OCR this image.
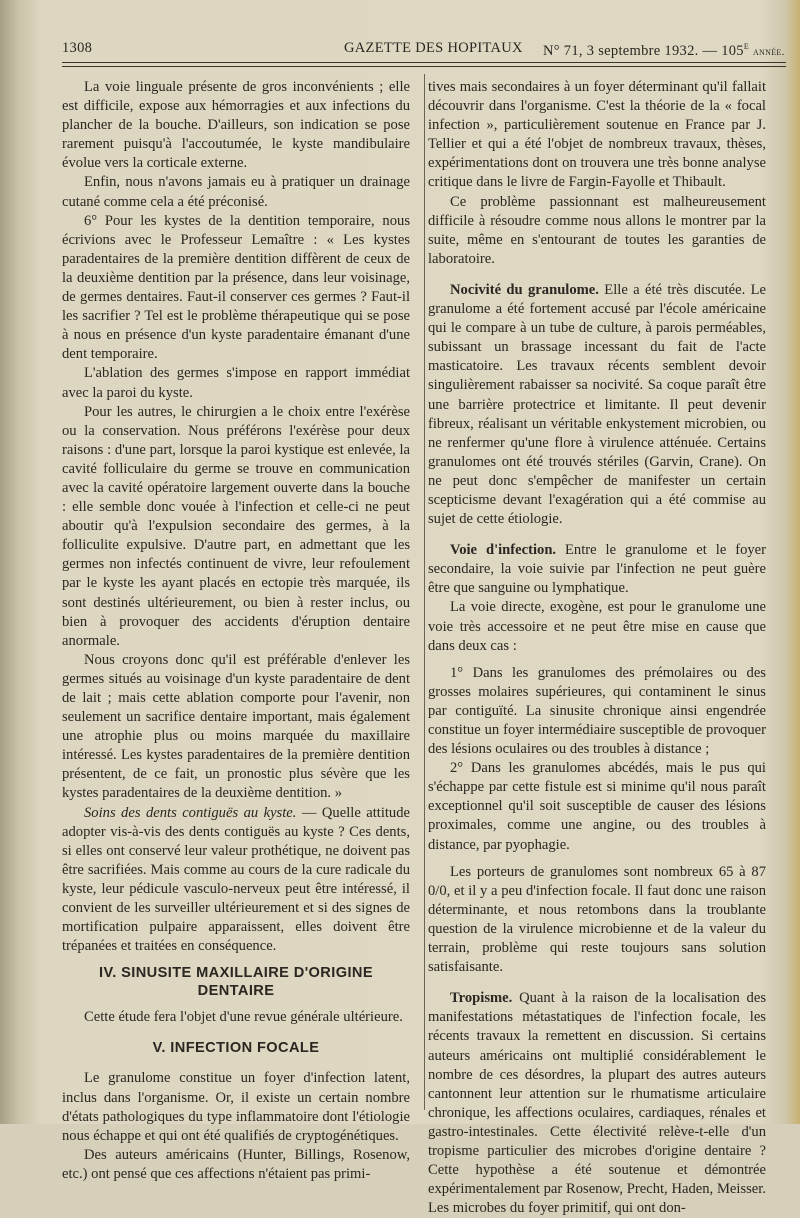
1308	GAZETTE DES HOPITAUX N° 71, 3 septembre 1932. — 105e année.

La voie linguale présente de gros inconvénients ; elle est difficile, expose aux hémorragies et aux infections du plancher de la bouche. D'ailleurs, son indication se pose rarement puisqu'à l'accoutumée, le kyste mandibulaire évolue vers la corticale externe.

Enfin, nous n'avons jamais eu à pratiquer un drainage cutané comme cela a été préconisé.

6° Pour les kystes de la dentition temporaire, nous écrivions avec le Professeur Lemaître : « Les kystes paradentaires de la première dentition diffèrent de ceux de la deuxième dentition par la présence, dans leur voisinage, de germes dentaires. Faut-il conserver ces germes ? Faut-il les sacrifier ? Tel est le problème thérapeutique qui se pose à nous en présence d'un kyste paradentaire émanant d'une dent temporaire.

L'ablation des germes s'impose en rapport immédiat avec la paroi du kyste.

Pour les autres, le chirurgien a le choix entre l'exérèse ou la conservation. Nous préférons l'exérèse pour deux raisons : d'une part, lorsque la paroi kystique est enlevée, la cavité folliculaire du germe se trouve en communication avec la cavité opératoire largement ouverte dans la bouche : elle semble donc vouée à l'infection et celle-ci ne peut aboutir qu'à l'expulsion secondaire des germes, à la folliculite expulsive. D'autre part, en admettant que les germes non infectés continuent de vivre, leur refoulement par le kyste les ayant placés en ectopie très marquée, ils sont destinés ultérieurement, ou bien à rester inclus, ou bien à provoquer des accidents d'éruption dentaire anormale.

Nous croyons donc qu'il est préférable d'enlever les germes situés au voisinage d'un kyste paradentaire de dent de lait ; mais cette ablation comporte pour l'avenir, non seulement un sacrifice dentaire important, mais également une atrophie plus ou moins marquée du maxillaire intéressé. Les kystes paradentaires de la première dentition présentent, de ce fait, un pronostic plus sévère que les kystes paradentaires de la deuxième dentition. »

Soins des dents contiguës au kyste. — Quelle attitude adopter vis-à-vis des dents contiguës au kyste ? Ces dents, si elles ont conservé leur valeur prothétique, ne doivent pas être sacrifiées. Mais comme au cours de la cure radicale du kyste, leur pédicule vasculo-nerveux peut être intéressé, il convient de les surveiller ultérieurement et si des signes de mortification pulpaire apparaissent, elles doivent être trépanées et traitées en conséquence.

IV. SINUSITE MAXILLAIRE D'ORIGINE
DENTAIRE

Cette étude fera l'objet d'une revue générale ultérieure.

V. INFECTION FOCALE

Le granulome constitue un foyer d'infection latent, inclus dans l'organisme. Or, il existe un certain nombre d'états pathologiques du type inflammatoire dont l'étiologie nous échappe et qui ont été qualifiés de cryptogénétiques.

Des auteurs américains (Hunter, Billings, Rosenow, etc.) ont pensé que ces affections n'étaient pas primi-

tives mais secondaires à un foyer déterminant qu'il fallait découvrir dans l'organisme. C'est la théorie de la « focal infection », particulièrement soutenue en France par J. Tellier et qui a été l'objet de nombreux travaux, thèses, expérimentations dont on trouvera une très bonne analyse critique dans le livre de Fargin-Fayolle et Thibault.

Ce problème passionnant est malheureusement difficile à résoudre comme nous allons le montrer par la suite, même en s'entourant de toutes les garanties de laboratoire.

Nocivité du granulome. Elle a été très discutée. Le granulome a été fortement accusé par l'école américaine qui le compare à un tube de culture, à parois perméables, subissant un brassage incessant du fait de l'acte masticatoire. Les travaux récents semblent devoir singulièrement rabaisser sa nocivité. Sa coque paraît être une barrière protectrice et limitante. Il peut devenir fibreux, réalisant un véritable enkystement microbien, ou ne renfermer qu'une flore à virulence atténuée. Certains granulomes ont été trouvés stériles (Garvin, Crane). On ne peut donc s'empêcher de manifester un certain scepticisme devant l'exagération qui a été commise au sujet de cette étiologie.

Voie d'infection. Entre le granulome et le foyer secondaire, la voie suivie par l'infection ne peut guère être que sanguine ou lymphatique.

La voie directe, exogène, est pour le granulome une voie très accessoire et ne peut être mise en cause que dans deux cas :

1° Dans les granulomes des prémolaires ou des grosses molaires supérieures, qui contaminent le sinus par contiguïté. La sinusite chronique ainsi engendrée constitue un foyer intermédiaire susceptible de provoquer des lésions oculaires ou des troubles à distance ;

2° Dans les granulomes abcédés, mais le pus qui s'échappe par cette fistule est si minime qu'il nous paraît exceptionnel qu'il soit susceptible de causer des lésions proximales, comme une angine, ou des troubles à distance, par pyophagie.

Les porteurs de granulomes sont nombreux 65 à 87 0/0, et il y a peu d'infection focale. Il faut donc une raison déterminante, et nous retombons dans la troublante question de la virulence microbienne et de la valeur du terrain, problème qui reste toujours sans solution satisfaisante.

Tropisme. Quant à la raison de la localisation des manifestations métastatiques de l'infection focale, les récents travaux la remettent en discussion. Si certains auteurs américains ont multiplié considérablement le nombre de ces désordres, la plupart des autres auteurs cantonnent leur attention sur le rhumatisme articulaire chronique, les affections oculaires, cardiaques, rénales et gastro-intestinales. Cette électivité relève-t-elle d'un tropisme particulier des microbes d'origine dentaire ? Cette hypothèse a été soutenue et démontrée expérimentalement par Rosenow, Precht, Haden, Meisser. Les microbes du foyer primitif, qui ont don-
